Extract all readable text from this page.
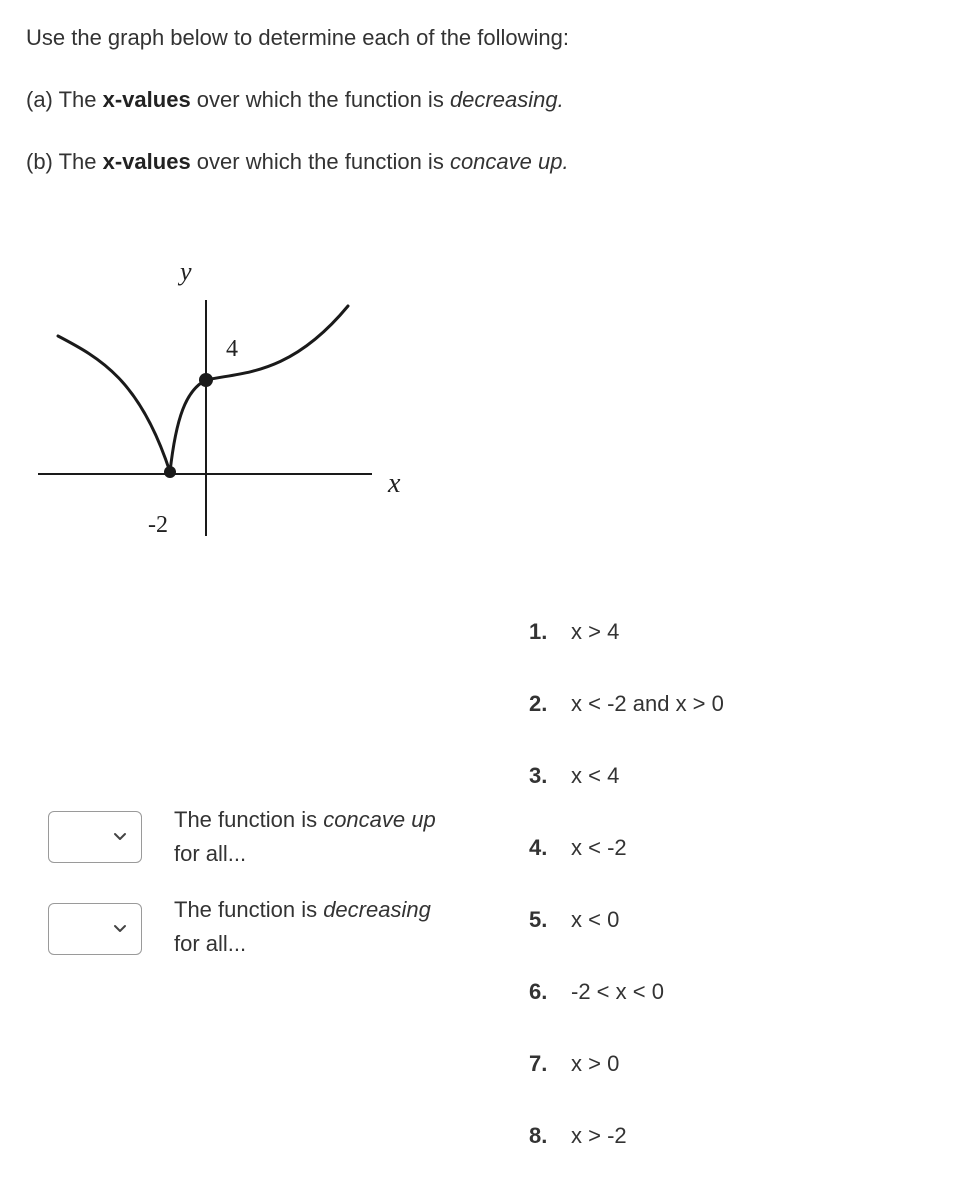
Use the graph below to determine each of the following:

(a) The x-values over which the function is decreasing.

(b) The x-values over which the function is concave up.

y
x
4
-2
The function is concave up
for all...
The function is decreasing
for all...
1. x > 4
2. x < -2 and x > 0
3. x < 4
4. x < -2
5. x < 0
6. -2 < x < 0
7. x > 0
8. x > -2
